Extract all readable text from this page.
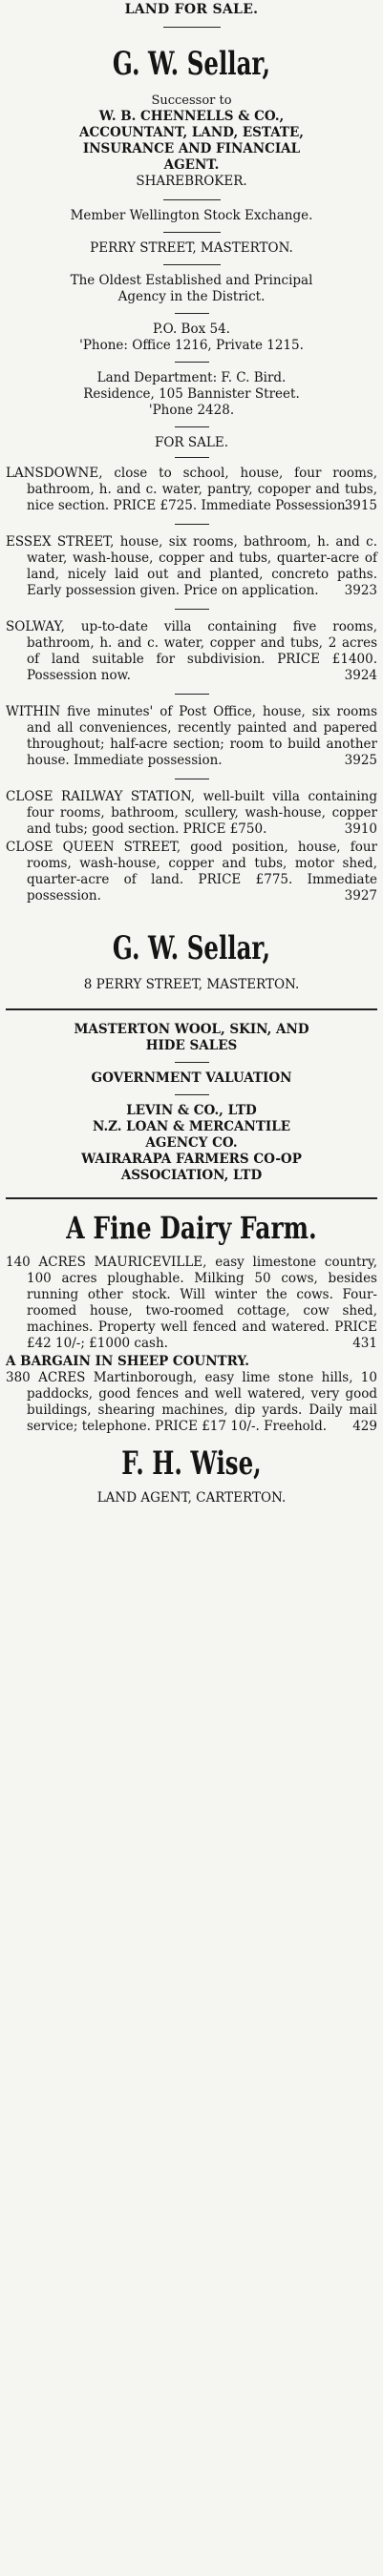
LAND FOR SALE.
G. W. Sellar,
Successor to
W. B. CHENNELLS & CO.,
ACCOUNTANT, LAND, ESTATE,
INSURANCE AND FINANCIAL
AGENT.
SHAREBROKER.
Member Wellington Stock Exchange.
PERRY STREET, MASTERTON.
The Oldest Established and Principal
Agency in the District.
P.O. Box 54.
'Phone: Office 1216, Private 1215.
Land Department: F. C. Bird.
Residence, 105 Bannister Street.
'Phone 2428.
FOR SALE.
LANSDOWNE, close to school, house, four rooms, bathroom, h. and c. water, pantry, copoper and tubs, nice section. PRICE £725. Immediate Possession.
3915
ESSEX STREET, house, six rooms, bathroom, h. and c. water, wash-house, copper and tubs, quarter-acre of land, nicely laid out and planted, concreto paths. Early possession given. Price on application. 3923
SOLWAY, up-to-date villa containing five rooms, bathroom, h. and c. water, copper and tubs, 2 acres of land suitable for subdivision. PRICE £1400. Possession now.	3924
WITHIN five minutes' of Post Office, house, six rooms and all conveniences, recently painted and papered throughout; half-acre section; room to build another house. Immediate possession.	3925
CLOSE RAILWAY STATION, well-built villa containing four rooms, bathroom, scullery, wash-house, copper and tubs; good section. PRICE £750.	3910
CLOSE QUEEN STREET, good position, house, four rooms, wash-house, copper and tubs, motor shed, quarter-acre of land. PRICE £775. Immediate possession.	3927
G. W. Sellar,
8 PERRY STREET, MASTERTON.
MASTERTON WOOL, SKIN, AND
HIDE SALES
GOVERNMENT VALUATION
LEVIN & CO., LTD
N.Z. LOAN & MERCANTILE
AGENCY CO.
WAIRARAPA FARMERS CO-OP
ASSOCIATION, LTD
A Fine Dairy Farm.
140 ACRES MAURICEVILLE, easy limestone country, 100 acres ploughable. Milking 50 cows, besides running other stock. Will winter the cows. Four-roomed house, two-roomed cottage, cow shed, machines. Property well fenced and watered. PRICE £42 10/-; £1000 cash.	431
A BARGAIN IN SHEEP COUNTRY.
380 ACRES Martinborough, easy lime stone hills, 10 paddocks, good fences and well watered, very good buildings, shearing machines, dip yards. Daily mail service; telephone. PRICE £17 10/-. Freehold. 429
F. H. Wise,
LAND AGENT, CARTERTON.
